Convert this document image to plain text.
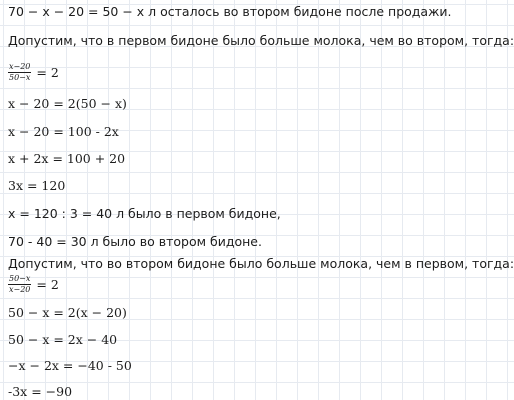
70 − x − 20 = 50 − x л осталось во втором бидоне после продажи.
Допустим, что в первом бидоне было больше молока, чем во втором, тогда:
$\frac{x-20}{50-x} = 2$
x − 20 = 2(50 − x)
x − 20 = 100 - 2x
x + 2x = 100 + 20
3x = 120
x = 120 : 3 = 40 л было в первом бидоне,
70 - 40 = 30 л было во втором бидоне.
Допустим, что во втором бидоне было больше молока, чем в первом, тогда:
$\frac{50-x}{x-20} = 2$
50 − x = 2(x − 20)
50 − x = 2x − 40
−x − 2x = −40 - 50
-3x = −90
